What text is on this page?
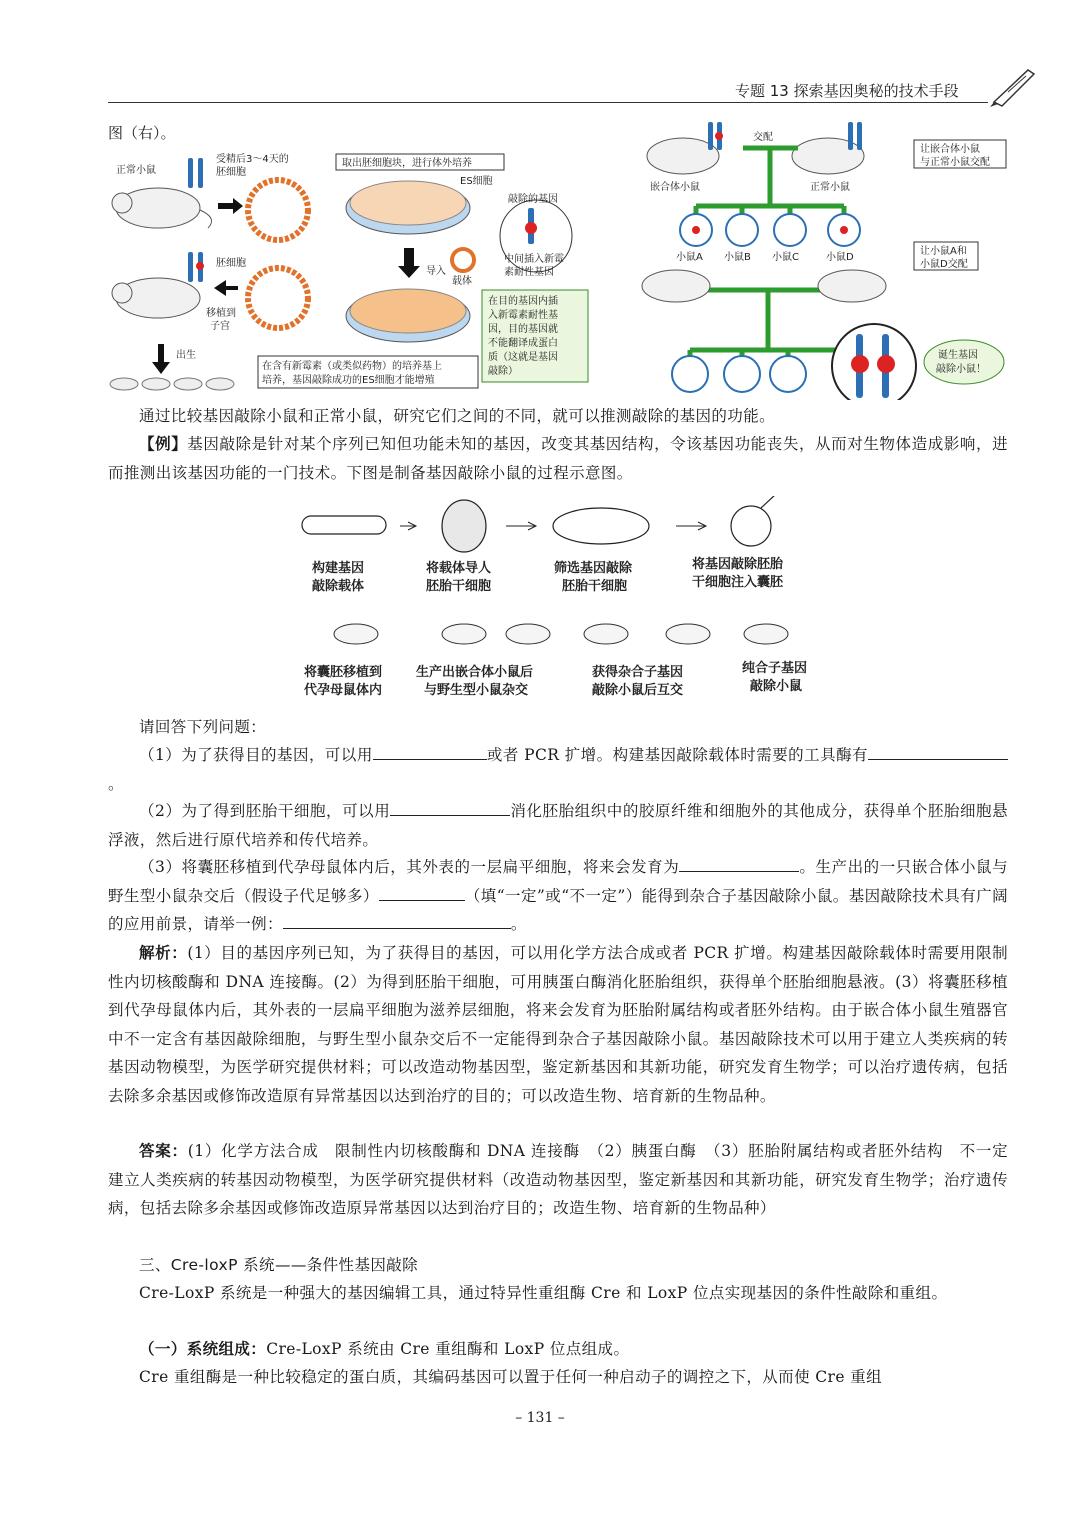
专题 13 探索基因奥秘的技术手段
图（右）。
正常小鼠
受精后3～4天的
胚细胞
取出胚细胞块，进行体外培养
ES细胞
敲除的基因
中间插入新霉
素耐性基因
导入
载体
胚细胞
移植到
子宫
在目的基因内插
入新霉素耐性基
因，目的基因就
不能翻译成蛋白
质（这就是基因
敲除）
出生
在含有新霉素（或类似药物）的培养基上
培养，基因敲除成功的ES细胞才能增殖
交配
让嵌合体小鼠
与正常小鼠交配
嵌合体小鼠	正常小鼠
小鼠A 小鼠B 小鼠C	小鼠D
让小鼠A和
小鼠D交配
诞生基因
敲除小鼠！
通过比较基因敲除小鼠和正常小鼠，研究它们之间的不同，就可以推测敲除的基因的功能。
【例】基因敲除是针对某个序列已知但功能未知的基因，改变其基因结构，令该基因功能丧失，从而对生物体造成影响，进而推测出该基因功能的一门技术。下图是制备基因敲除小鼠的过程示意图。
构建基因
敲除载体
将载体导人
胚胎干细胞
筛选基因敲除
胚胎干细胞
将基因敲除胚胎
干细胞注入囊胚
将囊胚移植到
代孕母鼠体内
生产出嵌合体小鼠后
与野生型小鼠杂交
获得杂合子基因
敲除小鼠后互交
纯合子基因
敲除小鼠
请回答下列问题：
（1）为了获得目的基因，可以用	或者 PCR 扩增。构建基因敲除载体时需要的工具酶有。
（2）为了得到胚胎干细胞，可以用	消化胚胎组织中的胶原纤维和细胞外的其他成分，获得单个胚胎细胞悬浮液，然后进行原代培养和传代培养。
（3）将囊胚移植到代孕母鼠体内后，其外表的一层扁平细胞，将来会发育为	。生产出的一只嵌合体小鼠与野生型小鼠杂交后（假设子代足够多）	（填“一定”或“不一定”）能得到杂合子基因敲除小鼠。基因敲除技术具有广阔的应用前景，请举一例：	。
解析：(1）目的基因序列已知，为了获得目的基因，可以用化学方法合成或者 PCR 扩增。构建基因敲除载体时需要用限制性内切核酸酶和 DNA 连接酶。(2）为得到胚胎干细胞，可用胰蛋白酶消化胚胎组织，获得单个胚胎细胞悬液。(3）将囊胚移植到代孕母鼠体内后，其外表的一层扁平细胞为滋养层细胞，将来会发育为胚胎附属结构或者胚外结构。由于嵌合体小鼠生殖器官中不一定含有基因敲除细胞，与野生型小鼠杂交后不一定能得到杂合子基因敲除小鼠。基因敲除技术可以用于建立人类疾病的转基因动物模型，为医学研究提供材料；可以改造动物基因型，鉴定新基因和其新功能，研究发育生物学；可以治疗遗传病，包括去除多余基因或修饰改造原有异常基因以达到治疗的目的；可以改造生物、培育新的生物品种。
答案：(1）化学方法合成　限制性内切核酸酶和 DNA 连接酶　（2）胰蛋白酶　（3）胚胎附属结构或者胚外结构　不一定　建立人类疾病的转基因动物模型，为医学研究提供材料（改造动物基因型，鉴定新基因和其新功能，研究发育生物学；治疗遗传病，包括去除多余基因或修饰改造原异常基因以达到治疗目的；改造生物、培育新的生物品种）
三、Cre-loxP 系统——条件性基因敲除
Cre-LoxP 系统是一种强大的基因编辑工具，通过特异性重组酶 Cre 和 LoxP 位点实现基因的条件性敲除和重组。
（一）系统组成：Cre-LoxP 系统由 Cre 重组酶和 LoxP 位点组成。
Cre 重组酶是一种比较稳定的蛋白质，其编码基因可以置于任何一种启动子的调控之下，从而使 Cre 重组
– 131 –
